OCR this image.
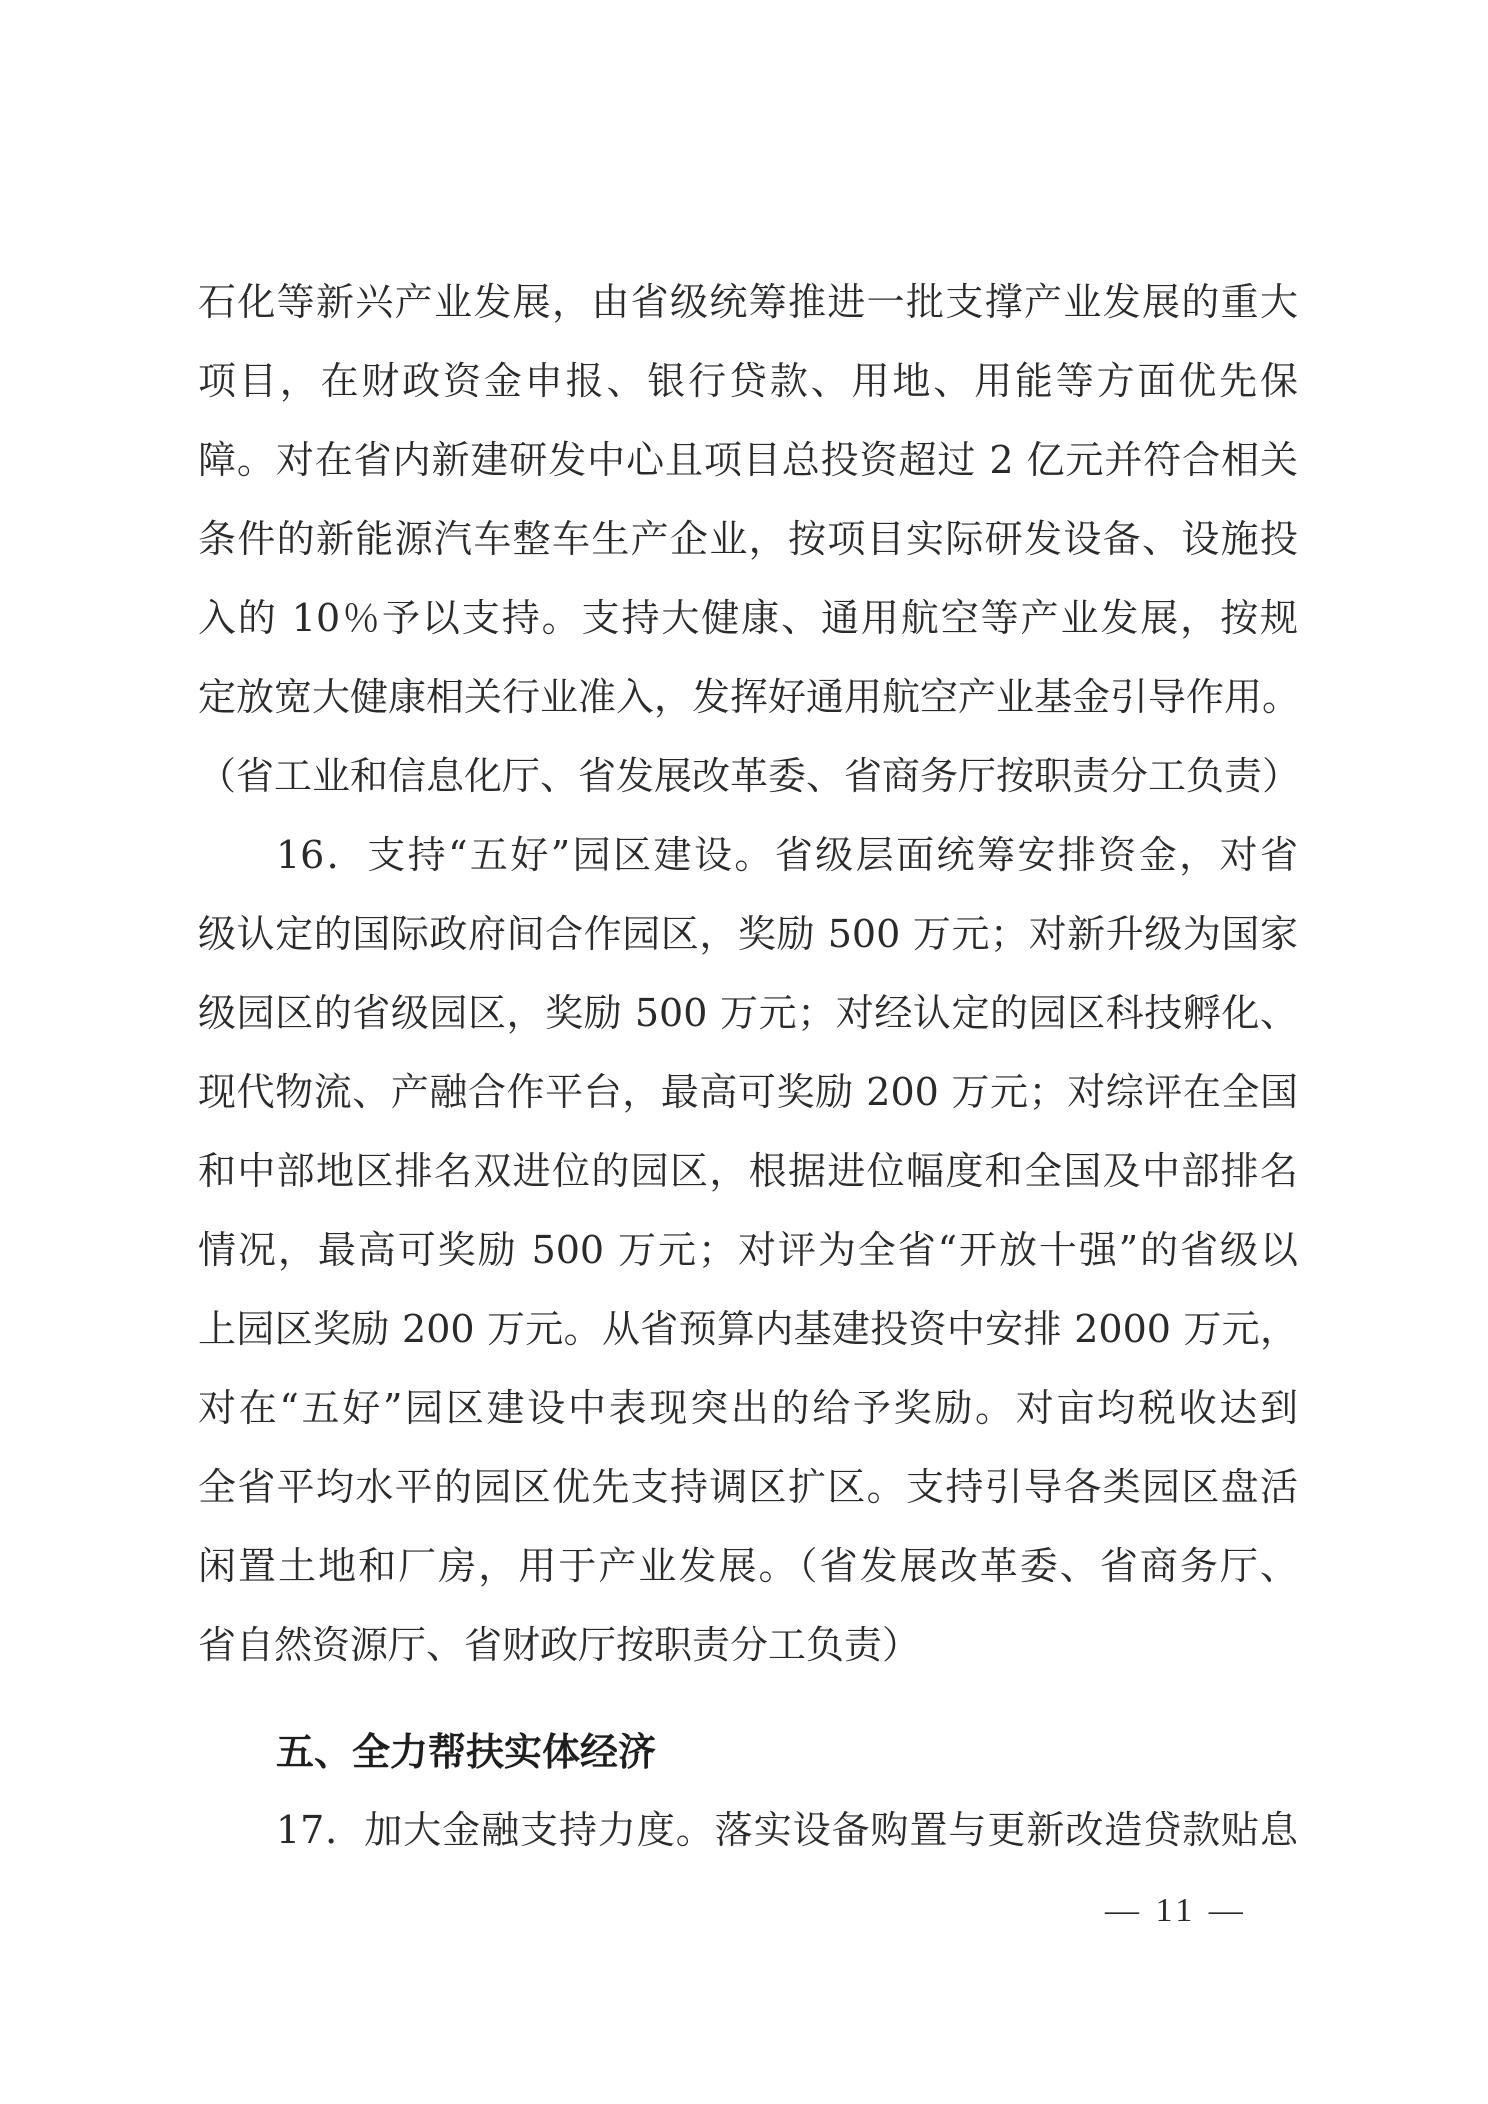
石化等新兴产业发展，由省级统筹推进一批支撑产业发展的重大
项目，在财政资金申报、银行贷款、用地、用能等方面优先保
障。对在省内新建研发中心且项目总投资超过 2 亿元并符合相关
条件的新能源汽车整车生产企业，按项目实际研发设备、设施投
入的 10％予以支持。支持大健康、通用航空等产业发展，按规
定放宽大健康相关行业准入，发挥好通用航空产业基金引导作用。
（省工业和信息化厅、省发展改革委、省商务厅按职责分工负责）
16．支持“五好”园区建设。省级层面统筹安排资金，对省
级认定的国际政府间合作园区，奖励 500 万元；对新升级为国家
级园区的省级园区，奖励 500 万元；对经认定的园区科技孵化、
现代物流、产融合作平台，最高可奖励 200 万元；对综评在全国
和中部地区排名双进位的园区，根据进位幅度和全国及中部排名
情况，最高可奖励 500 万元；对评为全省“开放十强”的省级以
上园区奖励 200 万元。从省预算内基建投资中安排 2000 万元，
对在“五好”园区建设中表现突出的给予奖励。对亩均税收达到
全省平均水平的园区优先支持调区扩区。支持引导各类园区盘活
闲置土地和厂房，用于产业发展。（省发展改革委、省商务厅、
省自然资源厅、省财政厅按职责分工负责）
五、全力帮扶实体经济
17．加大金融支持力度。落实设备购置与更新改造贷款贴息
— 11 —
